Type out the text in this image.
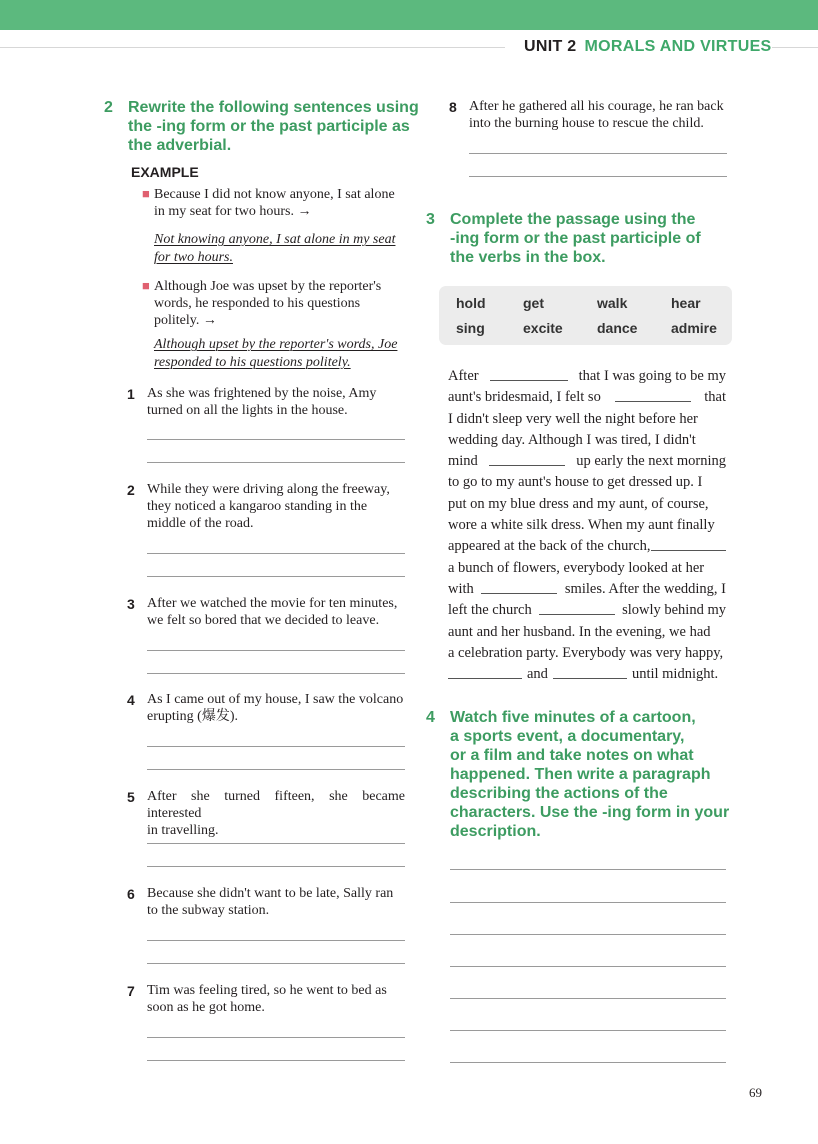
UNIT 2 MORALS AND VIRTUES
2 Rewrite the following sentences using
the -ing form or the past participle as
the adverbial.
EXAMPLE
■ Because I did not know anyone, I sat alone
in my seat for two hours. →
Not knowing anyone, I sat alone in my seat
for two hours.
■ Although Joe was upset by the reporter's
words, he responded to his questions
politely. →
Although upset by the reporter's words, Joe
responded to his questions politely.
1 As she was frightened by the noise, Amy
turned on all the lights in the house.
2 While they were driving along the freeway,
they noticed a kangaroo standing in the
middle of the road.
3 After we watched the movie for ten minutes,
we felt so bored that we decided to leave.
4 As I came out of my house, I saw the volcano
erupting (爆发).
5 After she turned fifteen, she became interested
in travelling.
6 Because she didn't want to be late, Sally ran
to the subway station.
7 Tim was feeling tired, so he went to bed as
soon as he got home.
8 After he gathered all his courage, he ran back
into the burning house to rescue the child.
3 Complete the passage using the
-ing form or the past participle of
the verbs in the box.
hold	get	walk	hear
sing	excite dance admire
After	that I was going to be my
aunt's bridesmaid, I felt so	that
I didn't sleep very well the night before her
wedding day. Although I was tired, I didn't
mind	up early the next morning
to go to my aunt's house to get dressed up. I
put on my blue dress and my aunt, of course,
wore a white silk dress. When my aunt finally
appeared at the back of the church,
a bunch of flowers, everybody looked at her
with	smiles. After the wedding, I
left the church	slowly behind my
aunt and her husband. In the evening, we had
a celebration party. Everybody was very happy,
and	until midnight.
4 Watch five minutes of a cartoon,
a sports event, a documentary,
or a film and take notes on what
happened. Then write a paragraph
describing the actions of the
characters. Use the -ing form in your
description.
69
